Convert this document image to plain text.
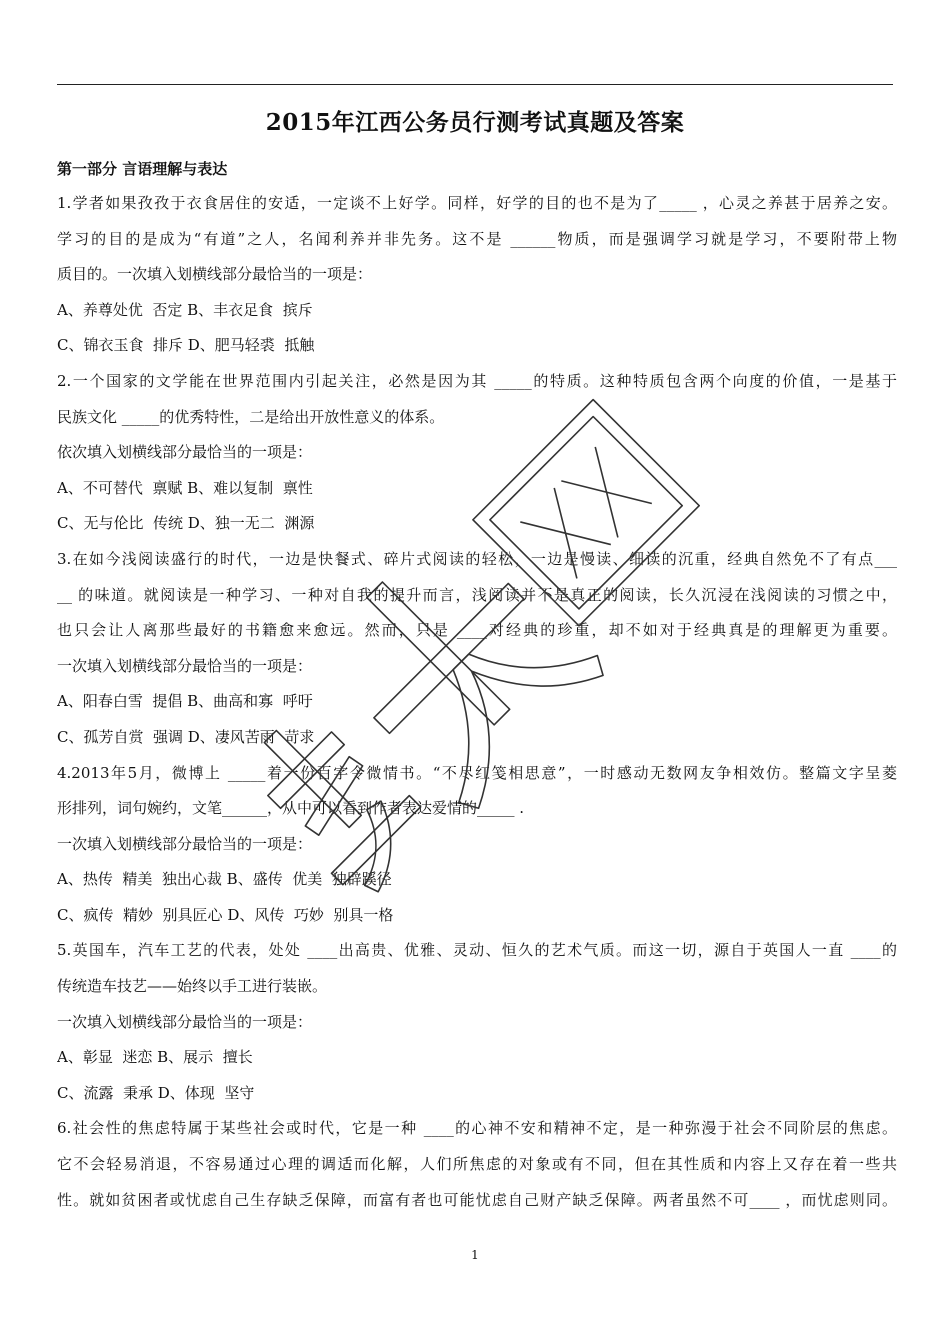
2015年江西公务员行测考试真题及答案
第一部分 言语理解与表达
1.学者如果孜孜于衣食居住的安适，一定谈不上好学。同样，好学的目的也不是为了_____ ，心灵之养甚于居养之安。
学习的目的是成为“有道”之人，名闻利养并非先务。这不是 ______物质，而是强调学习就是学习，不要附带上物
质目的。一次填入划横线部分最恰当的一项是：
A、养尊处优  否定 B、丰衣足食  摈斥
C、锦衣玉食  排斥 D、肥马轻裘  抵触
2.一个国家的文学能在世界范围内引起关注，必然是因为其 _____的特质。这种特质包含两个向度的价值，一是基于
民族文化 _____的优秀特性，二是给出开放性意义的体系。
依次填入划横线部分最恰当的一项是：
A、不可替代  禀赋 B、难以复制  禀性
C、无与伦比  传统 D、独一无二  渊源
3.在如今浅阅读盛行的时代，一边是快餐式、碎片式阅读的轻松，一边是慢读、细读的沉重，经典自然免不了有点___
__ 的味道。就阅读是一种学习、一种对自我的提升而言，浅阅读并不是真正的阅读，长久沉浸在浅阅读的习惯之中，
也只会让人离那些最好的书籍愈来愈远。然而，只是 ____对经典的珍重，却不如对于经典真是的理解更为重要。
一次填入划横线部分最恰当的一项是：
A、阳春白雪  提倡 B、曲高和寡  呼吁
C、孤芳自赏  强调 D、凄风苦雨  苛求
4.2013年5月，微博上 _____着一份百字令微情书。“不尽红笺相思意”，一时感动无数网友争相效仿。整篇文字呈菱
形排列，词句婉约，文笔______，从中可以看到作者表达爱情的_____ .
一次填入划横线部分最恰当的一项是：
A、热传  精美  独出心裁 B、盛传  优美  独辟蹊径
C、疯传  精妙  别具匠心 D、风传  巧妙  别具一格
5.英国车，汽车工艺的代表，处处 ____出高贵、优雅、灵动、恒久的艺术气质。而这一切，源自于英国人一直 ____的
传统造车技艺——始终以手工进行装嵌。
一次填入划横线部分最恰当的一项是：
A、彰显  迷恋 B、展示  擅长
C、流露  秉承 D、体现  坚守
6.社会性的焦虑特属于某些社会或时代，它是一种 ____的心神不安和精神不定，是一种弥漫于社会不同阶层的焦虑。
它不会轻易消退，不容易通过心理的调适而化解，人们所焦虑的对象或有不同，但在其性质和内容上又存在着一些共
性。就如贫困者或忧虑自己生存缺乏保障，而富有者也可能忧虑自己财产缺乏保障。两者虽然不可____ ，而忧虑则同。
1
